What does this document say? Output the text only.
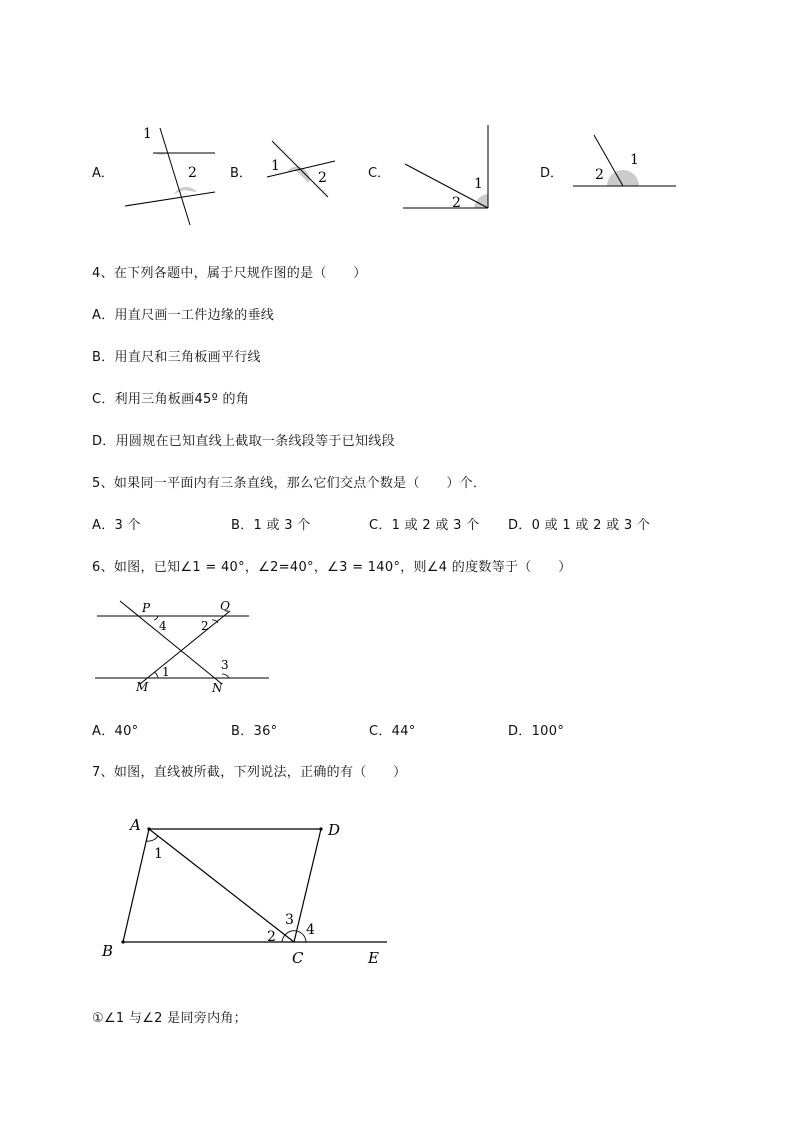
A．
1
2	B． 1
2	C．
1
2
D．
1
2
4、在下列各题中，属于尺规作图的是（　　）
A．用直尺画一工件边缘的垂线
B．用直尺和三角板画平行线
C．利用三角板画45º 的角
D．用圆规在已知直线上截取一条线段等于已知线段
5、如果同一平面内有三条直线，那么它们交点个数是（　　）个．
A．3 个	B．1 或 3 个	C．1 或 2 或 3 个 D．0 或 1 或 2 或 3 个
6、如图，已知∠1 = 40°，∠2=40°，∠3 = 140°，则∠4 的度数等于（　　）
P	Q
M	N
1
2
3
4
A．40°	B．36°	C．44°	D．100°
7、如图，直线被所截，下列说法，正确的有（　　）
A	D
B	C	E
1
2
3
4
①∠1 与∠2 是同旁内角；
